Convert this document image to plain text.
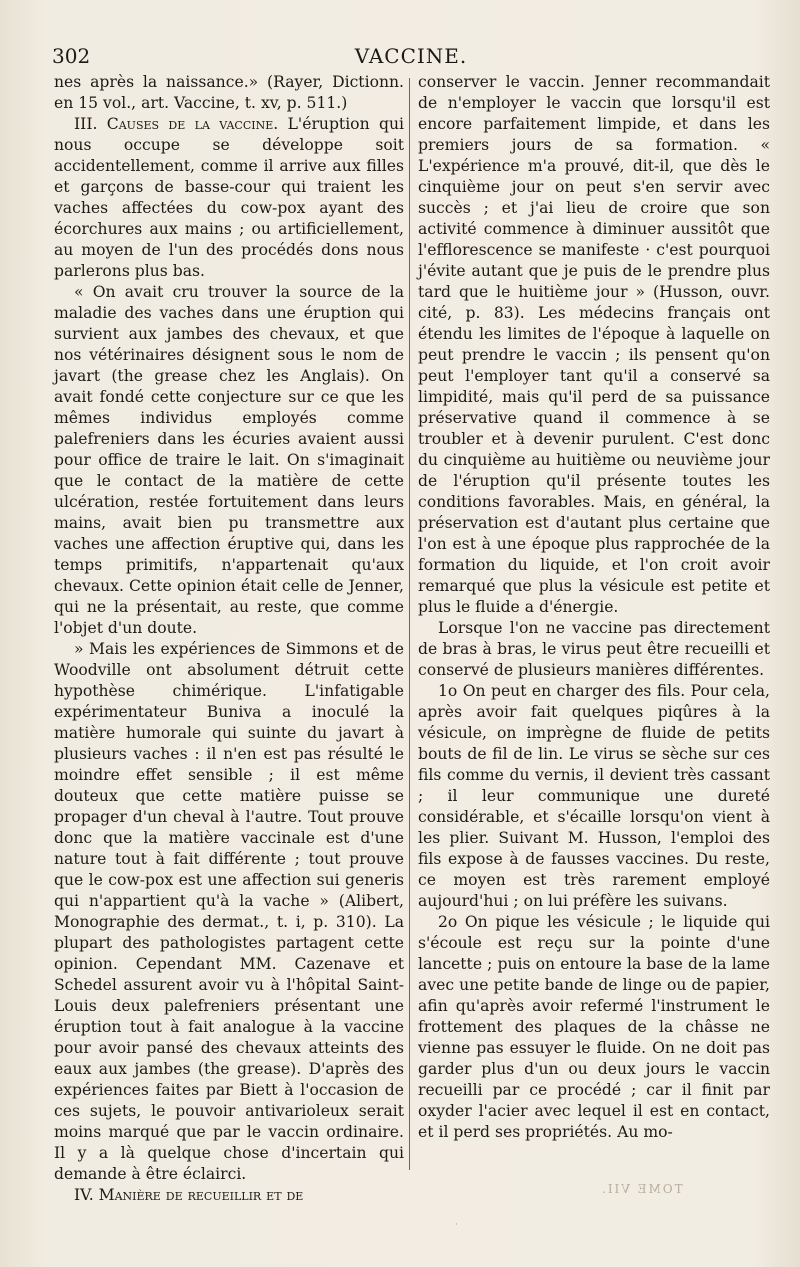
302	VACCINE.

nes après la naissance.» (Rayer, Dictionn. en 15 vol., art. Vaccine, t. xv, p. 511.)

III. Causes de la vaccine. L'éruption qui nous occupe se développe soit accidentellement, comme il arrive aux filles et garçons de basse-cour qui traient les vaches affectées du cow-pox ayant des écorchures aux mains ; ou artificiellement, au moyen de l'un des procédés dons nous parlerons plus bas.

« On avait cru trouver la source de la maladie des vaches dans une éruption qui survient aux jambes des chevaux, et que nos vétérinaires désignent sous le nom de javart (the grease chez les Anglais). On avait fondé cette conjecture sur ce que les mêmes individus employés comme palefreniers dans les écuries avaient aussi pour office de traire le lait. On s'imaginait que le contact de la matière de cette ulcération, restée fortuitement dans leurs mains, avait bien pu transmettre aux vaches une affection éruptive qui, dans les temps primitifs, n'appartenait qu'aux chevaux. Cette opinion était celle de Jenner, qui ne la présentait, au reste, que comme l'objet d'un doute.

» Mais les expériences de Simmons et de Woodville ont absolument détruit cette hypothèse chimérique. L'infatigable expérimentateur Buniva a inoculé la matière humorale qui suinte du javart à plusieurs vaches : il n'en est pas résulté le moindre effet sensible ; il est même douteux que cette matière puisse se propager d'un cheval à l'autre. Tout prouve donc que la matière vaccinale est d'une nature tout à fait différente ; tout prouve que le cow-pox est une affection sui generis qui n'appartient qu'à la vache » (Alibert, Monographie des dermat., t. i, p. 310). La plupart des pathologistes partagent cette opinion. Cependant MM. Cazenave et Schedel assurent avoir vu à l'hôpital Saint-Louis deux palefreniers présentant une éruption tout à fait analogue à la vaccine pour avoir pansé des chevaux atteints des eaux aux jambes (the grease). D'après des expériences faites par Biett à l'occasion de ces sujets, le pouvoir antivarioleux serait moins marqué que par le vaccin ordinaire. Il y a là quelque chose d'incertain qui demande à être éclairci.

IV. Manière de recueillir et de

conserver le vaccin. Jenner recommandait de n'employer le vaccin que lorsqu'il est encore parfaitement limpide, et dans les premiers jours de sa formation. « L'expérience m'a prouvé, dit-il, que dès le cinquième jour on peut s'en servir avec succès ; et j'ai lieu de croire que son activité commence à diminuer aussitôt que l'efflorescence se manifeste · c'est pourquoi j'évite autant que je puis de le prendre plus tard que le huitième jour » (Husson, ouvr. cité, p. 83). Les médecins français ont étendu les limites de l'époque à laquelle on peut prendre le vaccin ; ils pensent qu'on peut l'employer tant qu'il a conservé sa limpidité, mais qu'il perd de sa puissance préservative quand il commence à se troubler et à devenir purulent. C'est donc du cinquième au huitième ou neuvième jour de l'éruption qu'il présente toutes les conditions favorables. Mais, en général, la préservation est d'autant plus certaine que l'on est à une époque plus rapprochée de la formation du liquide, et l'on croit avoir remarqué que plus la vésicule est petite et plus le fluide a d'énergie.

Lorsque l'on ne vaccine pas directement de bras à bras, le virus peut être recueilli et conservé de plusieurs manières différentes.

1o On peut en charger des fils. Pour cela, après avoir fait quelques piqûres à la vésicule, on imprègne de fluide de petits bouts de fil de lin. Le virus se sèche sur ces fils comme du vernis, il devient très cassant ; il leur communique une dureté considérable, et s'écaille lorsqu'on vient à les plier. Suivant M. Husson, l'emploi des fils expose à de fausses vaccines. Du reste, ce moyen est très rarement employé aujourd'hui ; on lui préfère les suivans.

2o On pique les vésicule ; le liquide qui s'écoule est reçu sur la pointe d'une lancette ; puis on entoure la base de la lame avec une petite bande de linge ou de papier, afin qu'après avoir refermé l'instrument le frottement des plaques de la châsse ne vienne pas essuyer le fluide. On ne doit pas garder plus d'un ou deux jours le vaccin recueilli par ce procédé ; car il finit par oxyder l'acier avec lequel il est en contact, et il perd ses propriétés. Au mo-

·
TOME VII.
